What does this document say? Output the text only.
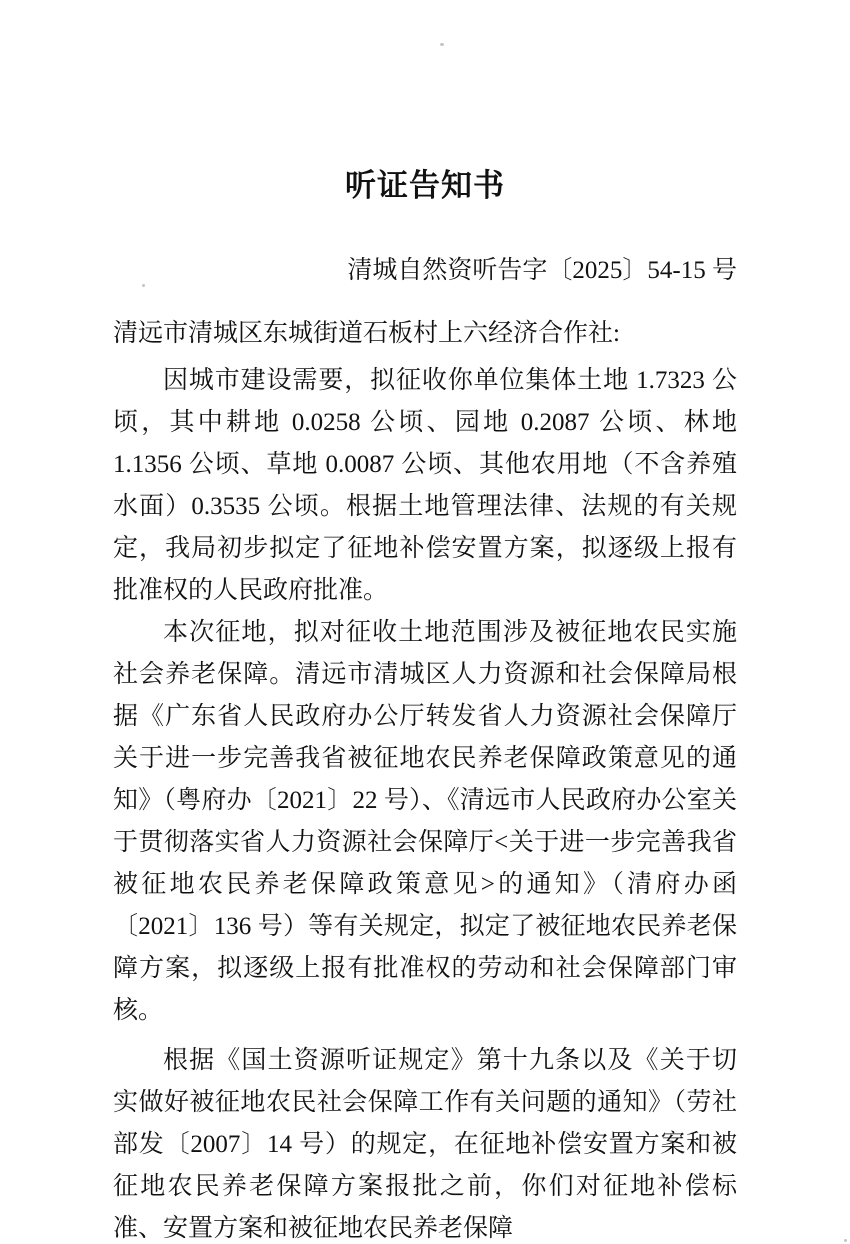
听证告知书
清城自然资听告字〔2025〕54-15 号
清远市清城区东城街道石板村上六经济合作社:

因城市建设需要，拟征收你单位集体土地 1.7323 公顷，其中耕地 0.0258 公顷、园地 0.2087 公顷、林地 1.1356 公顷、草地 0.0087 公顷、其他农用地（不含养殖水面）0.3535 公顷。根据土地管理法律、法规的有关规定，我局初步拟定了征地补偿安置方案，拟逐级上报有批准权的人民政府批准。

本次征地，拟对征收土地范围涉及被征地农民实施社会养老保障。清远市清城区人力资源和社会保障局根据《广东省人民政府办公厅转发省人力资源社会保障厅关于进一步完善我省被征地农民养老保障政策意见的通知》（粤府办〔2021〕22 号）、《清远市人民政府办公室关于贯彻落实省人力资源社会保障厅<关于进一步完善我省被征地农民养老保障政策意见>的通知》（清府办函〔2021〕136 号）等有关规定，拟定了被征地农民养老保障方案，拟逐级上报有批准权的劳动和社会保障部门审核。

根据《国土资源听证规定》第十九条以及《关于切实做好被征地农民社会保障工作有关问题的通知》（劳社部发〔2007〕14 号）的规定，在征地补偿安置方案和被征地农民养老保障方案报批之前，你们对征地补偿标准、安置方案和被征地农民养老保障
